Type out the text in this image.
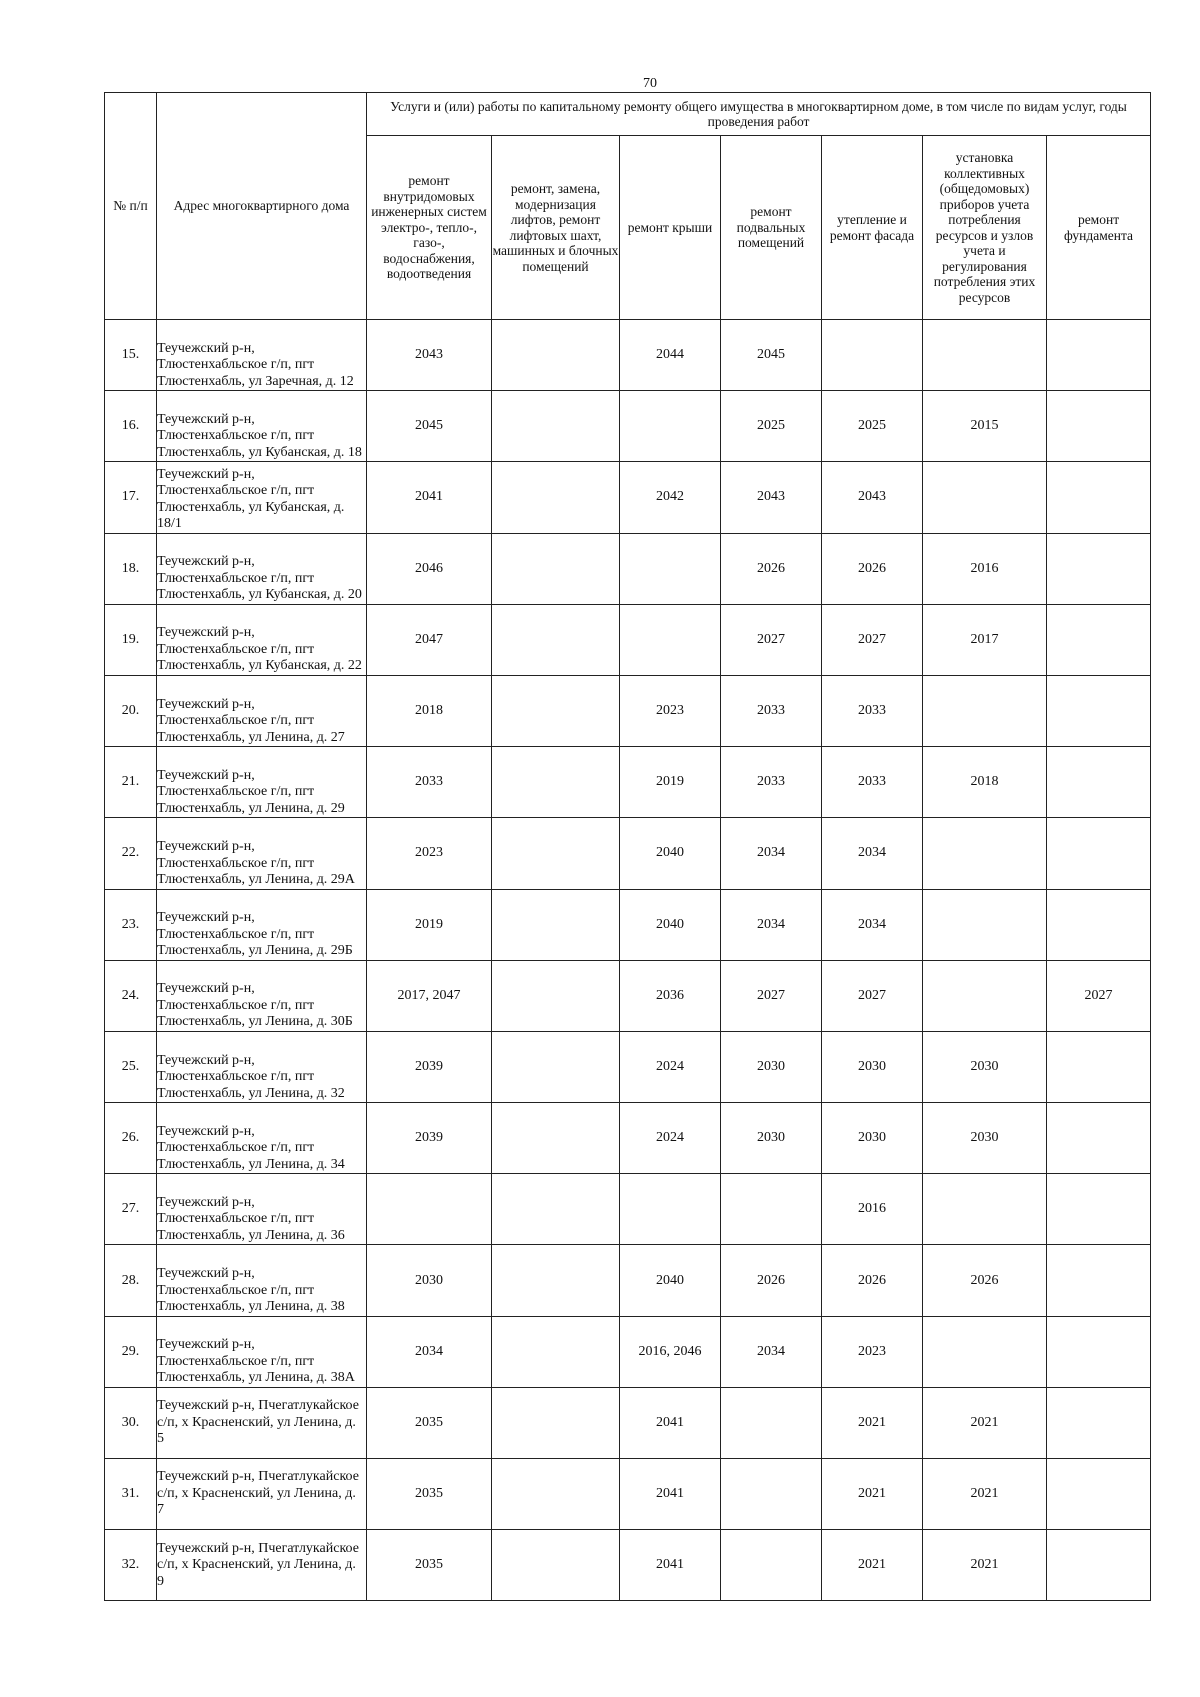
70
№ п/п	Адрес многоквартирного дома	Услуги и (или) работы по капитальному ремонту общего имущества в многоквартирном доме, в том числе по видам услуг, годы проведения работ						
		ремонт внутридомовых инженерных систем электро-, тепло-, газо-, водоснабжения, водоотведения	ремонт, замена, модернизация лифтов, ремонт лифтовых шахт, машинных и блочных помещений	ремонт крыши	ремонт подвальных помещений	утепление и ремонт фасада	установка коллективных (общедомовых) приборов учета потребления ресурсов и узлов учета и регулирования потребления этих ресурсов	ремонт фундамента
15.	Теучежский р-н, Тлюстенхабльское г/п, пгт Тлюстенхабль, ул Заречная, д. 12	2043		2044	2045			
16.	Теучежский р-н, Тлюстенхабльское г/п, пгт Тлюстенхабль, ул Кубанская, д. 18	2045			2025	2025	2015	
17.	Теучежский р-н, Тлюстенхабльское г/п, пгт Тлюстенхабль, ул Кубанская, д. 18/1	2041		2042	2043	2043		
18.	Теучежский р-н, Тлюстенхабльское г/п, пгт Тлюстенхабль, ул Кубанская, д. 20	2046			2026	2026	2016	
19.	Теучежский р-н, Тлюстенхабльское г/п, пгт Тлюстенхабль, ул Кубанская, д. 22	2047			2027	2027	2017	
20.	Теучежский р-н, Тлюстенхабльское г/п, пгт Тлюстенхабль, ул Ленина, д. 27	2018		2023	2033	2033		
21.	Теучежский р-н, Тлюстенхабльское г/п, пгт Тлюстенхабль, ул Ленина, д. 29	2033		2019	2033	2033	2018	
22.	Теучежский р-н, Тлюстенхабльское г/п, пгт Тлюстенхабль, ул Ленина, д. 29А	2023		2040	2034	2034		
23.	Теучежский р-н, Тлюстенхабльское г/п, пгт Тлюстенхабль, ул Ленина, д. 29Б	2019		2040	2034	2034		
24.	Теучежский р-н, Тлюстенхабльское г/п, пгт Тлюстенхабль, ул Ленина, д. 30Б	2017, 2047		2036	2027	2027		2027
25.	Теучежский р-н, Тлюстенхабльское г/п, пгт Тлюстенхабль, ул Ленина, д. 32	2039		2024	2030	2030	2030	
26.	Теучежский р-н, Тлюстенхабльское г/п, пгт Тлюстенхабль, ул Ленина, д. 34	2039		2024	2030	2030	2030	
27.	Теучежский р-н, Тлюстенхабльское г/п, пгт Тлюстенхабль, ул Ленина, д. 36					2016		
28.	Теучежский р-н, Тлюстенхабльское г/п, пгт Тлюстенхабль, ул Ленина, д. 38	2030		2040	2026	2026	2026	
29.	Теучежский р-н, Тлюстенхабльское г/п, пгт Тлюстенхабль, ул Ленина, д. 38А	2034		2016, 2046	2034	2023		
30.	Теучежский р-н, Пчегатлукайское с/п, х Красненский, ул Ленина, д. 5	2035		2041		2021	2021	
31.	Теучежский р-н, Пчегатлукайское с/п, х Красненский, ул Ленина, д. 7	2035		2041		2021	2021	
32.	Теучежский р-н, Пчегатлукайское с/п, х Красненский, ул Ленина, д. 9	2035		2041		2021	2021	
